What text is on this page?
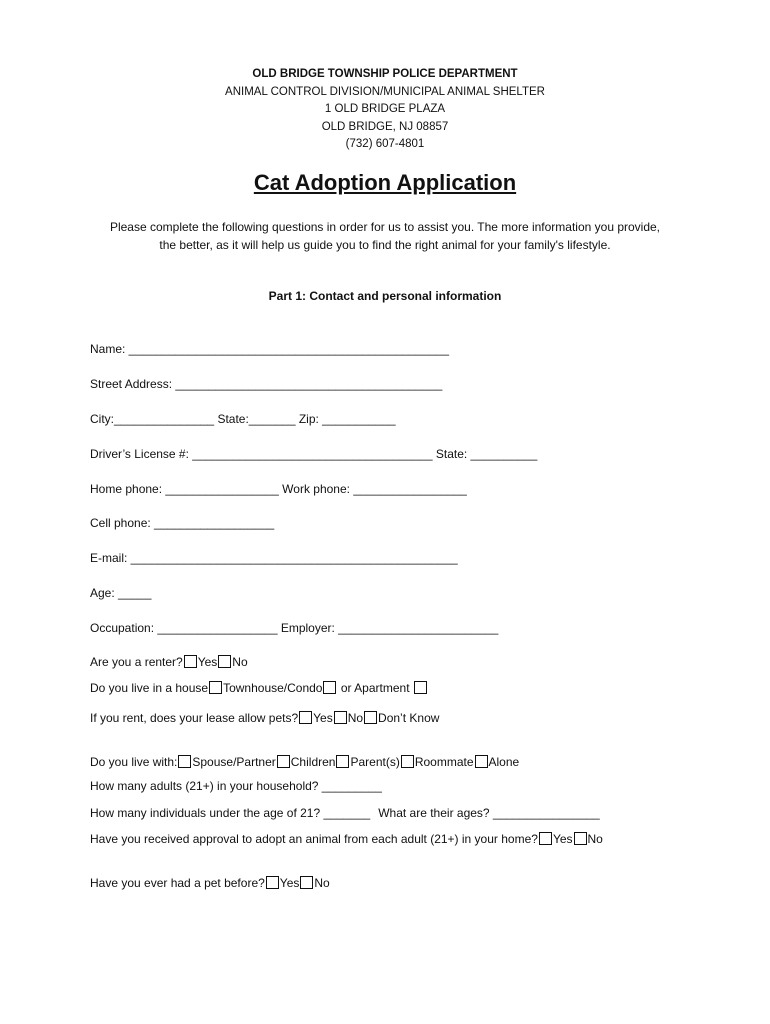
OLD BRIDGE TOWNSHIP POLICE DEPARTMENT
ANIMAL CONTROL DIVISION/MUNICIPAL ANIMAL SHELTER
1 OLD BRIDGE PLAZA
OLD BRIDGE, NJ 08857
(732) 607-4801
Cat Adoption Application
Please complete the following questions in order for us to assist you. The more information you provide,
the better, as it will help us guide you to find the right animal for your family's lifestyle.
Part 1: Contact and personal information
Name: ________________________________________________
Street Address: ________________________________________
City:_______________ State:_______ Zip: ___________
Driver’s License #: ____________________________________ State: __________
Home phone: _________________ Work phone: _________________
Cell phone: __________________
E-mail: _________________________________________________
Age: _____
Occupation: __________________ Employer: ________________________
Are you a renter? Yes No
Do you live in a house Townhouse/Condo or Apartment
If you rent, does your lease allow pets? Yes No Don’t Know
Do you live with: Spouse/Partner Children Parent(s) Roommate Alone
How many adults (21+) in your household? _________
How many individuals under the age of 21? _______ What are their ages? ________________
Have you received approval to adopt an animal from each adult (21+) in your home? Yes No
Have you ever had a pet before? Yes No
